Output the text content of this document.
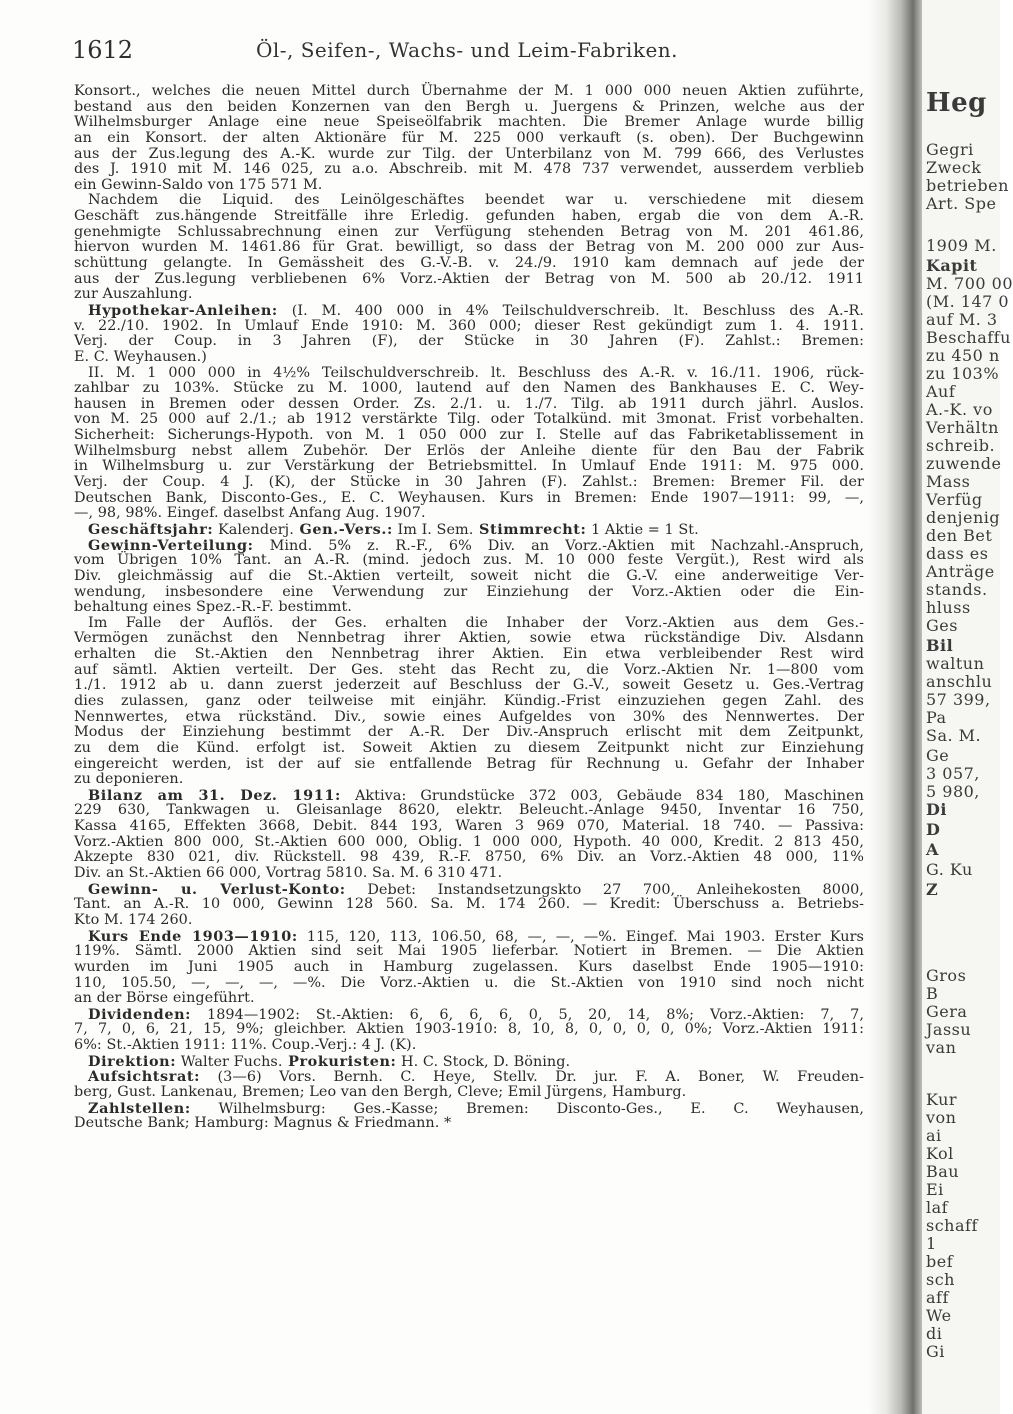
Heg
Gegri
Zweck
betrieben
Art. Spe
1909 M.
Kapit
M. 700 00
(M. 147 0
auf M. 3
Beschaffu
zu 450 n
zu 103%
Auf
A.-K. vo
Verhältn
schreib.
zuwende
Mass
Verfüg
denjenig
den Bet
dass es
Anträge
stands.
hluss
Ges
Bil
waltun
anschlu
57 399,
Pa
Sa. M.
Ge
3 057,
5 980,
Di
D
A
G. Ku
Z
Gros
B
Gera
Jassu
van
Kur
von
ai
Kol
Bau
Ei
laf
schaff
1
bef
sch
aff
We
di
Gi
1612	Öl-, Seifen-, Wachs- und Leim-Fabriken.
Konsort., welches die neuen Mittel durch Übernahme der M. 1 000 000 neuen Aktien zuführte,
bestand aus den beiden Konzernen van den Bergh u. Juergens & Prinzen, welche aus der
Wilhelmsburger Anlage eine neue Speiseölfabrik machten. Die Bremer Anlage wurde billig
an ein Konsort. der alten Aktionäre für M. 225 000 verkauft (s. oben). Der Buchgewinn
aus der Zus.legung des A.-K. wurde zur Tilg. der Unterbilanz von M. 799 666, des Verlustes
des J. 1910 mit M. 146 025, zu a.o. Abschreib. mit M. 478 737 verwendet, ausserdem verblieb
ein Gewinn-Saldo von 175 571 M.
Nachdem die Liquid. des Leinölgeschäftes beendet war u. verschiedene mit diesem
Geschäft zus.hängende Streitfälle ihre Erledig. gefunden haben, ergab die von dem A.-R.
genehmigte Schlussabrechnung einen zur Verfügung stehenden Betrag von M. 201 461.86,
hiervon wurden M. 1461.86 für Grat. bewilligt, so dass der Betrag von M. 200 000 zur Aus-
schüttung gelangte. In Gemässheit des G.-V.-B. v. 24./9. 1910 kam demnach auf jede der
aus der Zus.legung verbliebenen 6% Vorz.-Aktien der Betrag von M. 500 ab 20./12. 1911
zur Auszahlung.
Hypothekar-Anleihen: (I. M. 400 000 in 4% Teilschuldverschreib. lt. Beschluss des A.-R.
v. 22./10. 1902. In Umlauf Ende 1910: M. 360 000; dieser Rest gekündigt zum 1. 4. 1911.
Verj. der Coup. in 3 Jahren (F), der Stücke in 30 Jahren (F). Zahlst.: Bremen:
E. C. Weyhausen.)
II. M. 1 000 000 in 4½% Teilschuldverschreib. lt. Beschluss des A.-R. v. 16./11. 1906, rück-
zahlbar zu 103%. Stücke zu M. 1000, lautend auf den Namen des Bankhauses E. C. Wey-
hausen in Bremen oder dessen Order. Zs. 2./1. u. 1./7. Tilg. ab 1911 durch jährl. Auslos.
von M. 25 000 auf 2./1.; ab 1912 verstärkte Tilg. oder Totalkünd. mit 3monat. Frist vorbehalten.
Sicherheit: Sicherungs-Hypoth. von M. 1 050 000 zur I. Stelle auf das Fabriketablissement in
Wilhelmsburg nebst allem Zubehör. Der Erlös der Anleihe diente für den Bau der Fabrik
in Wilhelmsburg u. zur Verstärkung der Betriebsmittel. In Umlauf Ende 1911: M. 975 000.
Verj. der Coup. 4 J. (K), der Stücke in 30 Jahren (F). Zahlst.: Bremen: Bremer Fil. der
Deutschen Bank, Disconto-Ges., E. C. Weyhausen. Kurs in Bremen: Ende 1907—1911: 99, —,
—, 98, 98%. Eingef. daselbst Anfang Aug. 1907.
Geschäftsjahr: Kalenderj. Gen.-Vers.: Im I. Sem. Stimmrecht: 1 Aktie = 1 St.
Gewinn-Verteilung: Mind. 5% z. R.-F., 6% Div. an Vorz.-Aktien mit Nachzahl.-Anspruch,
vom Übrigen 10% Tant. an A.-R. (mind. jedoch zus. M. 10 000 feste Vergüt.), Rest wird als
Div. gleichmässig auf die St.-Aktien verteilt, soweit nicht die G.-V. eine anderweitige Ver-
wendung, insbesondere eine Verwendung zur Einziehung der Vorz.-Aktien oder die Ein-
behaltung eines Spez.-R.-F. bestimmt.
Im Falle der Auflös. der Ges. erhalten die Inhaber der Vorz.-Aktien aus dem Ges.-
Vermögen zunächst den Nennbetrag ihrer Aktien, sowie etwa rückständige Div. Alsdann
erhalten die St.-Aktien den Nennbetrag ihrer Aktien. Ein etwa verbleibender Rest wird
auf sämtl. Aktien verteilt. Der Ges. steht das Recht zu, die Vorz.-Aktien Nr. 1—800 vom
1./1. 1912 ab u. dann zuerst jederzeit auf Beschluss der G.-V., soweit Gesetz u. Ges.-Vertrag
dies zulassen, ganz oder teilweise mit einjähr. Kündig.-Frist einzuziehen gegen Zahl. des
Nennwertes, etwa rückständ. Div., sowie eines Aufgeldes von 30% des Nennwertes. Der
Modus der Einziehung bestimmt der A.-R. Der Div.-Anspruch erlischt mit dem Zeitpunkt,
zu dem die Künd. erfolgt ist. Soweit Aktien zu diesem Zeitpunkt nicht zur Einziehung
eingereicht werden, ist der auf sie entfallende Betrag für Rechnung u. Gefahr der Inhaber
zu deponieren.
Bilanz am 31. Dez. 1911: Aktiva: Grundstücke 372 003, Gebäude 834 180, Maschinen
229 630, Tankwagen u. Gleisanlage 8620, elektr. Beleucht.-Anlage 9450, Inventar 16 750,
Kassa 4165, Effekten 3668, Debit. 844 193, Waren 3 969 070, Material. 18 740. — Passiva:
Vorz.-Aktien 800 000, St.-Aktien 600 000, Oblig. 1 000 000, Hypoth. 40 000, Kredit. 2 813 450,
Akzepte 830 021, div. Rückstell. 98 439, R.-F. 8750, 6% Div. an Vorz.-Aktien 48 000, 11%
Div. an St.-Aktien 66 000, Vortrag 5810. Sa. M. 6 310 471.
Gewinn- u. Verlust-Konto: Debet: Instandsetzungskto 27 700, Anleihekosten 8000,
Tant. an A.-R. 10 000, Gewinn 128 560. Sa. M. 174 260. — Kredit: Überschuss a. Betriebs-
Kto M. 174 260.
Kurs Ende 1903—1910: 115, 120, 113, 106.50, 68, —, —, —%. Eingef. Mai 1903. Erster Kurs
119%. Sämtl. 2000 Aktien sind seit Mai 1905 lieferbar. Notiert in Bremen. — Die Aktien
wurden im Juni 1905 auch in Hamburg zugelassen. Kurs daselbst Ende 1905—1910:
110, 105.50, —, —, —, —%. Die Vorz.-Aktien u. die St.-Aktien von 1910 sind noch nicht
an der Börse eingeführt.
Dividenden: 1894—1902: St.-Aktien: 6, 6, 6, 6, 0, 5, 20, 14, 8%; Vorz.-Aktien: 7, 7,
7, 7, 0, 6, 21, 15, 9%; gleichber. Aktien 1903-1910: 8, 10, 8, 0, 0, 0, 0, 0%; Vorz.-Aktien 1911:
6%: St.-Aktien 1911: 11%. Coup.-Verj.: 4 J. (K).
Direktion: Walter Fuchs. Prokuristen: H. C. Stock, D. Böning.
Aufsichtsrat: (3—6) Vors. Bernh. C. Heye, Stellv. Dr. jur. F. A. Boner, W. Freuden-
berg, Gust. Lankenau, Bremen; Leo van den Bergh, Cleve; Emil Jürgens, Hamburg.
Zahlstellen: Wilhelmsburg: Ges.-Kasse; Bremen: Disconto-Ges., E. C. Weyhausen,
Deutsche Bank; Hamburg: Magnus & Friedmann. *
